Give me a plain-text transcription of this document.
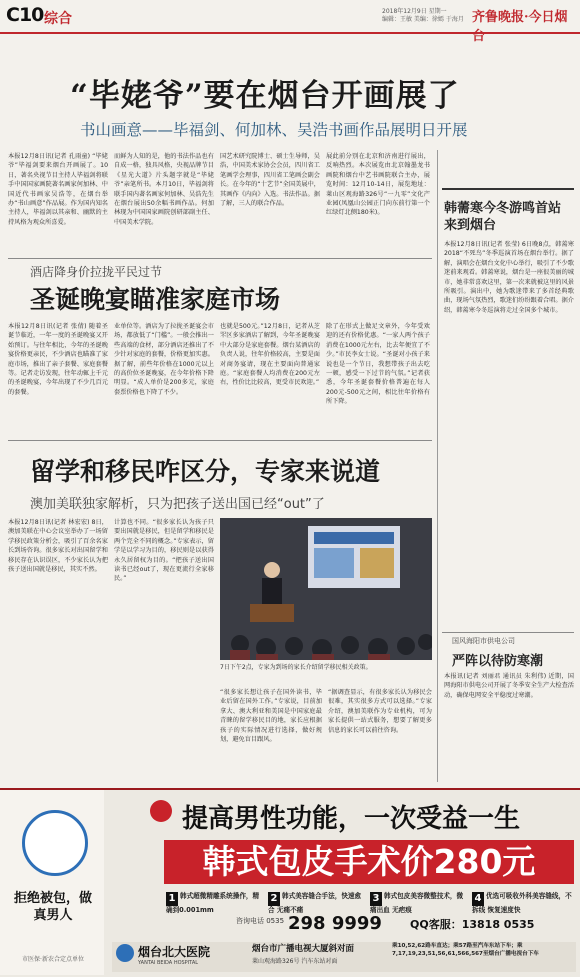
C10 综合	2018年12月9日 星期一
编辑：王敏 美编：徐嫣 于海月 齐鲁晚报·今日烟台
“毕姥爷”要在烟台开画展了
书山画意——毕福剑、何加林、吴浩书画作品展明日开展
本报12月8日讯(记者 孔雨童) “毕姥爷”毕福剑要来烟台开画展了。10日，著名央视节目主持人毕福剑将联手中国国家画院著名画家何加林、中国近代书画家吴浩等，在烟台举办“书山画意”作品展。作为国内知名主持人，毕福剑以其亲和、幽默的主持风格为观众所喜爱。
而鲜为人知的是，他的书法作品也有自成一格，独具风格，央视品牌节目《星光大道》片头题字就是“毕姥爷”亲笔所书。本月10日，毕福剑将联手国内著名画家何加林、吴浩先生在烟台展出50余幅书画作品。何加林现为中国国家画院创研部副主任、中国美术学院。
国艺术研究院博士、硕士生导师，吴浩，中国美术家协会会员，四川省工笔画学会理事，四川省工笔画会副会长。在今年的“十艺节”全国美展中，其画作《内向》入选。书法作品。据了解，三人的联合作品。
展此前分别在北京和济南进行展出，反响热烈。本次展览由北京翰墨龙书画院和烟台中艺书画院联合主办，展览时间：12月10-14日，展览地址：莱山区观海路326号“一九零”文化产业园(凤凰山公园正门向东前行第一个红绿灯北侧180米)。
酒店降身价拉拢平民过节
圣诞晚宴瞄准家庭市场
本报12月8日讯(记者 张倩) 随着圣诞节临近，一年一度的圣诞晚宴又开始预订。与往年相比，今年的圣诞晚宴价格更亲民，不少酒店也瞄准了家庭市场，推出了亲子套餐、家庭套餐等。记者走访发现，往年动辄上千元的圣诞晚宴，今年出现了不少几百元的套餐。
业单位等。酒店为了拉拢圣诞宴会市场，都放低了“门槛”。一般会推出一些高端的食材，部分酒店还推出了不少针对家庭的套餐，价格更加实惠。据了解，前些年价格在1000元以上的高价位圣诞晚宴，在今年价格下降明显。“成人单价是200多元，家庭套票价格也下降了不少。
也就是500元。”12月8日，记者从芝罘区多家酒店了解到，今年圣诞晚宴中大部分是家庭套餐。烟台某酒店的负责人说，往年价格较高，主要是面对商务宴请，现在主要面向普通家庭。“家庭套餐人均消费在200元左右，性价比比较高，更受市民欢迎。”
除了在形式上做足文章外，今年受欢迎的还有价格优惠。“一家人两个孩子消费在1000元左右，比去年便宜了不少。”市民李女士说。“圣诞对小孩子来说也是一个节日，我想带孩子出去吃一顿，感受一下过节的气氛。”记者获悉，今年圣诞套餐价格普遍在每人200元-500元之间，相比往年价格有所下降。
留学和移民咋区分，专家来说道
澳加美联独家解析，只为把孩子送出国已经“out”了
本报12月8日讯(记者 林宏宏) 8日，澳加美联在中心会议室举办了一场留学移民政策分析会，吸引了百余名家长到场咨询。很多家长对出国留学和移民存在认识误区，不少家长认为把孩子送出国就是移民，其实不然。
计算也不同。“很多家长认为孩子只要出国就是移民，但是留学和移民是两个完全不同的概念。”专家表示，留学是以学习为目的，移民则是以获得永久居留权为目的。“把孩子送出国读书已经out了，现在更流行全家移民。”
7日下午2点，专家为到场的家长介绍留学移民相关政策。
“很多家长想让孩子在国外读书，毕业后留在国外工作。”专家说，目前加拿大、澳大利亚和美国是中国家庭最青睐的留学移民目的地，家长应根据孩子的实际情况进行选择，做好规划，避免盲目跟风。
“据调查显示，有很多家长认为移民会很难，其实很多方式可以选择。”专家介绍，澳加美联作为专业机构，可为家长提供一站式服务，想要了解更多信息的家长可以前往咨询。
韩薷寒今冬游鸣首站来到烟台
本报12月8日讯(记者 张莹) 6日晚8点，韩薷寒2018“不死鸟”冬季巡演首场在烟台举行。据了解，演唱会在烟台文化中心举行，吸引了不少歌迷前来观看。韩薷寒说，烟台是一座很美丽的城市，她非常喜欢这里，第一次来就被这里的风景所吸引。演出中，她为歌迷带来了多首经典歌曲，现场气氛热烈，歌迷们纷纷跟着合唱。据介绍，韩薷寒今冬巡演将走过全国多个城市。
国风海阳市供电公司
严阵以待防寒潮
本报讯(记者 刘丽君 通讯员 朱利伟) 近期，国网海阳市供电公司开展了冬季安全生产大检查活动，确保电网安全平稳度过寒潮。
拒绝被包，做真男人
市医保·新农合定点单位
提高男性功能，一次受益一生
韩式包皮手术价280元
1 韩式超微精雕系统操作，精确到0.001mm
2 韩式美容缝合手法，快速愈合 无痛不痛
3 韩式包皮美容微整技术，微痛出血 无疤痕
4 优选可吸收外科美容缝线，不拆线 恢复速度快
咨询电话 0535 298 9999	QQ客服：13818 0535
烟台北大医院
YANTAI BEIDA HOSPITAL
烟台市广播电视大厦斜对面
莱山观海路326号 汽车东站对面
乘10,52,62路车直达；乘57路至汽车东站下车；乘7,17,19,23,51,56,61,566,567至烟台广播电视台下车
